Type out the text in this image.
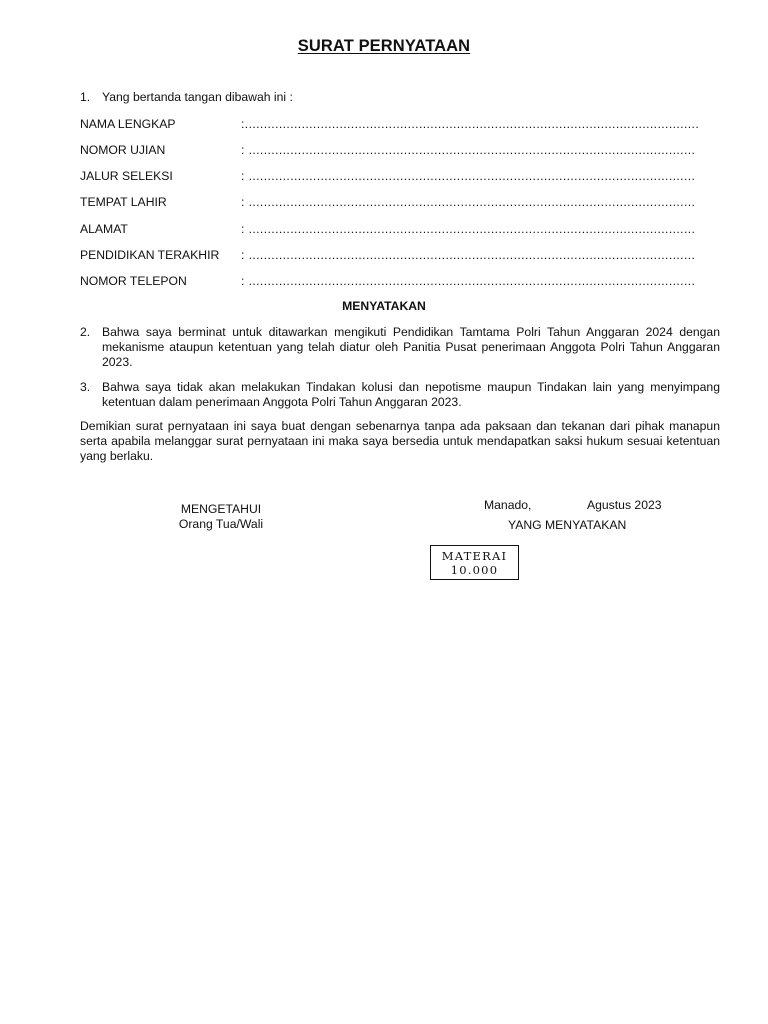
SURAT PERNYATAAN
1. Yang bertanda tangan dibawah ini :
NAMA LENGKAP	:........................................................................................................................
NOMOR UJIAN	: ......................................................................................................................
JALUR SELEKSI	: ......................................................................................................................
TEMPAT LAHIR	: ......................................................................................................................
ALAMAT	: ......................................................................................................................
PENDIDIKAN TERAKHIR : ......................................................................................................................
NOMOR TELEPON	: ......................................................................................................................
MENYATAKAN
2. Bahwa saya berminat untuk ditawarkan mengikuti Pendidikan Tamtama Polri Tahun Anggaran 2024 dengan mekanisme ataupun ketentuan yang telah diatur oleh Panitia Pusat penerimaan Anggota Polri Tahun Anggaran 2023.
3. Bahwa saya tidak akan melakukan Tindakan kolusi dan nepotisme maupun Tindakan lain yang menyimpang ketentuan dalam penerimaan Anggota Polri Tahun Anggaran 2023.
Demikian surat pernyataan ini saya buat dengan sebenarnya tanpa ada paksaan dan tekanan dari pihak manapun serta apabila melanggar surat pernyataan ini maka saya bersedia untuk mendapatkan saksi hukum sesuai ketentuan yang berlaku.
MENGETAHUI
Orang Tua/Wali
Manado,	Agustus 2023
YANG MENYATAKAN
MATERAI
10.000
